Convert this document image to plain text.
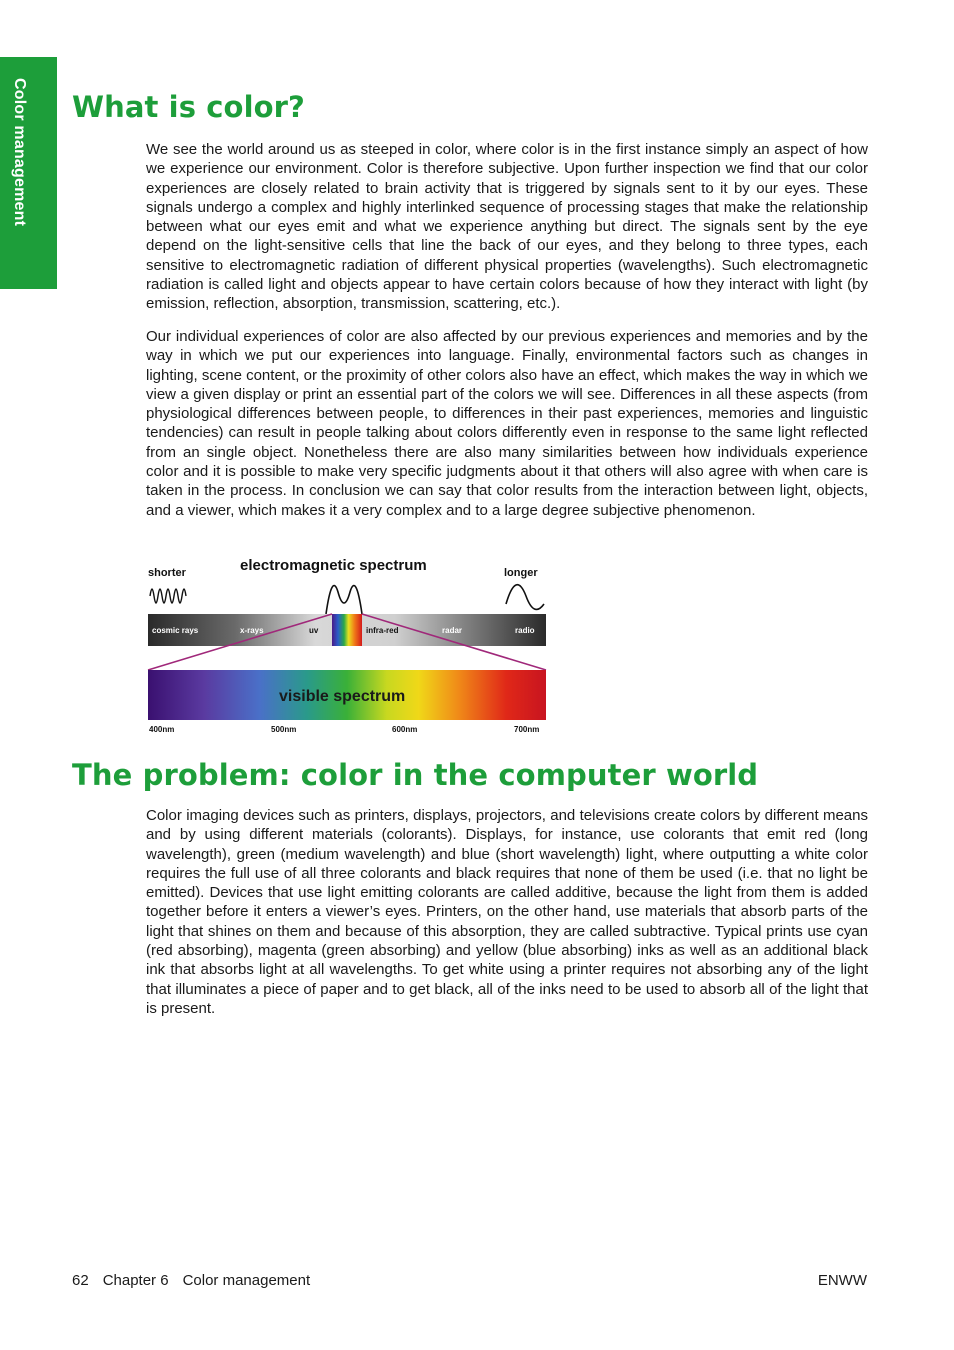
Color management What is color?

We see the world around us as steeped in color, where color is in the first instance simply an aspect of how we experience our environment. Color is therefore subjective. Upon further inspection we find that our color experiences are closely related to brain activity that is triggered by signals sent to it by our eyes. These signals undergo a complex and highly interlinked sequence of processing stages that make the relationship between what our eyes emit and what we experience anything but direct. The signals sent by the eye depend on the light-sensitive cells that line the back of our eyes, and they belong to three types, each sensitive to electromagnetic radiation of different physical properties (wavelengths). Such electromagnetic radiation is called light and objects appear to have certain colors because of how they interact with light (by emission, reflection, absorption, transmission, scattering, etc.).

Our individual experiences of color are also affected by our previous experiences and memories and by the way in which we put our experiences into language. Finally, environmental factors such as changes in lighting, scene content, or the proximity of other colors also have an effect, which makes the way in which we view a given display or print an essential part of the colors we will see. Differences in all these aspects (from physiological differences between people, to differences in their past experiences, memories and linguistic tendencies) can result in people talking about colors differently even in response to the same light reflected from an single object. Nonetheless there are also many similarities between how individuals experience color and it is possible to make very specific judgments about it that others will also agree with when care is taken in the process. In conclusion we can say that color results from the interaction between light, objects, and a viewer, which makes it a very complex and to a large degree subjective phenomenon.

shorter	electromagnetic spectrum	longer
cosmic rays	x-rays	uv	infra-red	radar	radio
visible spectrum
400nm	500nm	600nm	700nm
The problem: color in the computer world

Color imaging devices such as printers, displays, projectors, and televisions create colors by different means and by using different materials (colorants). Displays, for instance, use colorants that emit red (long wavelength), green (medium wavelength) and blue (short wavelength) light, where outputting a white color requires the full use of all three colorants and black requires that none of them be used (i.e. that no light be emitted). Devices that use light emitting colorants are called additive, because the light from them is added together before it enters a viewer’s eyes. Printers, on the other hand, use materials that absorb parts of the light that shines on them and because of this absorption, they are called subtractive. Typical prints use cyan (red absorbing), magenta (green absorbing) and yellow (blue absorbing) inks as well as an additional black ink that absorbs light at all wavelengths. To get white using a printer requires not absorbing any of the light that illuminates a piece of paper and to get black, all of the inks need to be used to absorb all of the light that is present.

62 Chapter 6 Color management	ENWW
